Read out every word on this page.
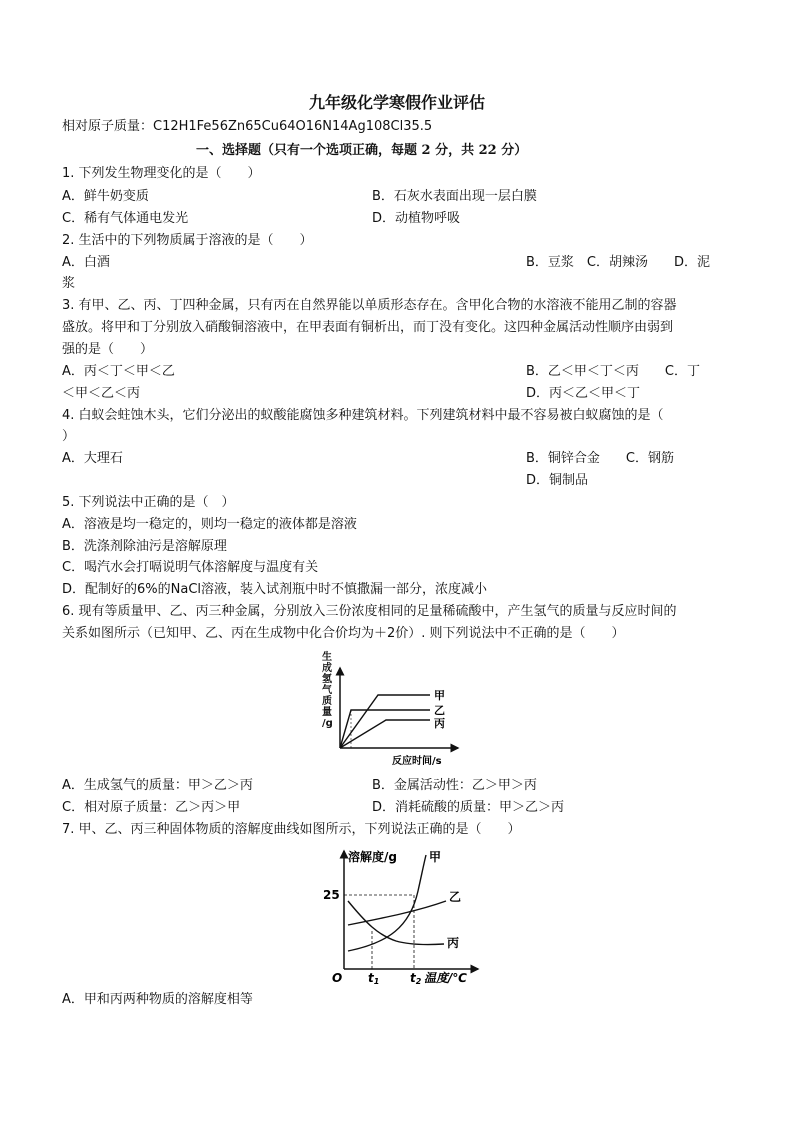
九年级化学寒假作业评估
相对原子质量：C12H1Fe56Zn65Cu64O16N14Ag108Cl35.5
一、选择题（只有一个选项正确，每题 2 分，共 22 分）
1. 下列发生物理变化的是（　　）
A．鲜牛奶变质	B．石灰水表面出现一层白膜
C．稀有气体通电发光	D．动植物呼吸
2. 生活中的下列物质属于溶液的是（　　）
A．白酒	B．豆浆　C．胡辣汤　　D．泥
浆
3. 有甲、乙、丙、丁四种金属，只有丙在自然界能以单质形态存在。含甲化合物的水溶液不能用乙制的容器
盛放。将甲和丁分别放入硝酸铜溶液中，在甲表面有铜析出，而丁没有变化。这四种金属活动性顺序由弱到
强的是（　　）
A．丙＜丁＜甲＜乙	B．乙＜甲＜丁＜丙　　C．丁
＜甲＜乙＜丙	D．丙＜乙＜甲＜丁
4. 白蚁会蛀蚀木头，它们分泌出的蚁酸能腐蚀多种建筑材料。下列建筑材料中最不容易被白蚁腐蚀的是（
）
A．大理石	B．铜锌合金　　C．钢筋
D．铜制品
5. 下列说法中正确的是（　）
A．溶液是均一稳定的，则均一稳定的液体都是溶液
B．洗涤剂除油污是溶解原理
C．喝汽水会打嗝说明气体溶解度与温度有关
D．配制好的6%的NaCl溶液，装入试剂瓶中时不慎撒漏一部分，浓度减小
6. 现有等质量甲、乙、丙三种金属，分别放入三份浓度相同的足量稀硫酸中，产生氢气的质量与反应时间的
关系如图所示（已知甲、乙、丙在生成物中化合价均为＋2价）. 则下列说法中不正确的是（　　）
生
成
氢
气
质
量
/g
甲
乙
丙
反应时间/s
A．生成氢气的质量：甲＞乙＞丙	B．金属活动性：乙＞甲＞丙
C．相对原子质量：乙＞丙＞甲	D．消耗硫酸的质量：甲＞乙＞丙
7. 甲、乙、丙三种固体物质的溶解度曲线如图所示，下列说法正确的是（　　）
溶解度/g
25
甲
乙
丙
O t1	t2 温度/℃
A．甲和丙两种物质的溶解度相等
